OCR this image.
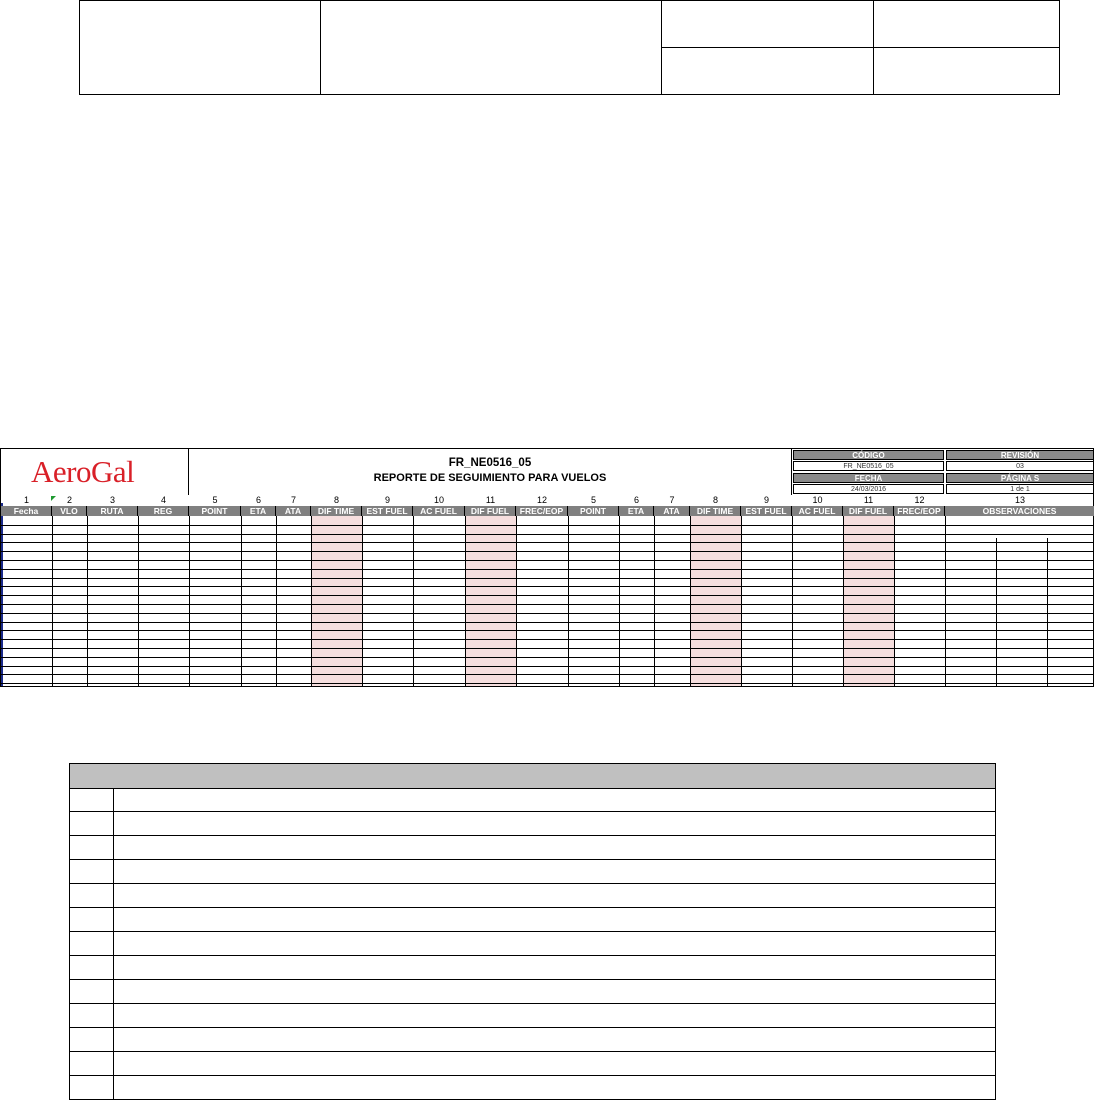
AeroGal	FR_NE0516_05
REPORTE DE SEGUIMIENTO PARA VUELOS
CÓDIGO	REVISIÓN
FR_NE0516_05	03
FECHA	PÁGINA S
24/03/2016	1 de 1
1	2	3	4	5	6	7	8	9	10	11	12	5	6	7	8	9	10	11	12	13
Fecha	VLO	RUTA	REG	POINT	ETA	ATA	DIF TIME	EST FUEL	AC FUEL	DIF FUEL	FREC/EOP	POINT	ETA	ATA	DIF TIME	EST FUEL	AC FUEL	DIF FUEL	FREC/EOP	OBSERVACIONES
